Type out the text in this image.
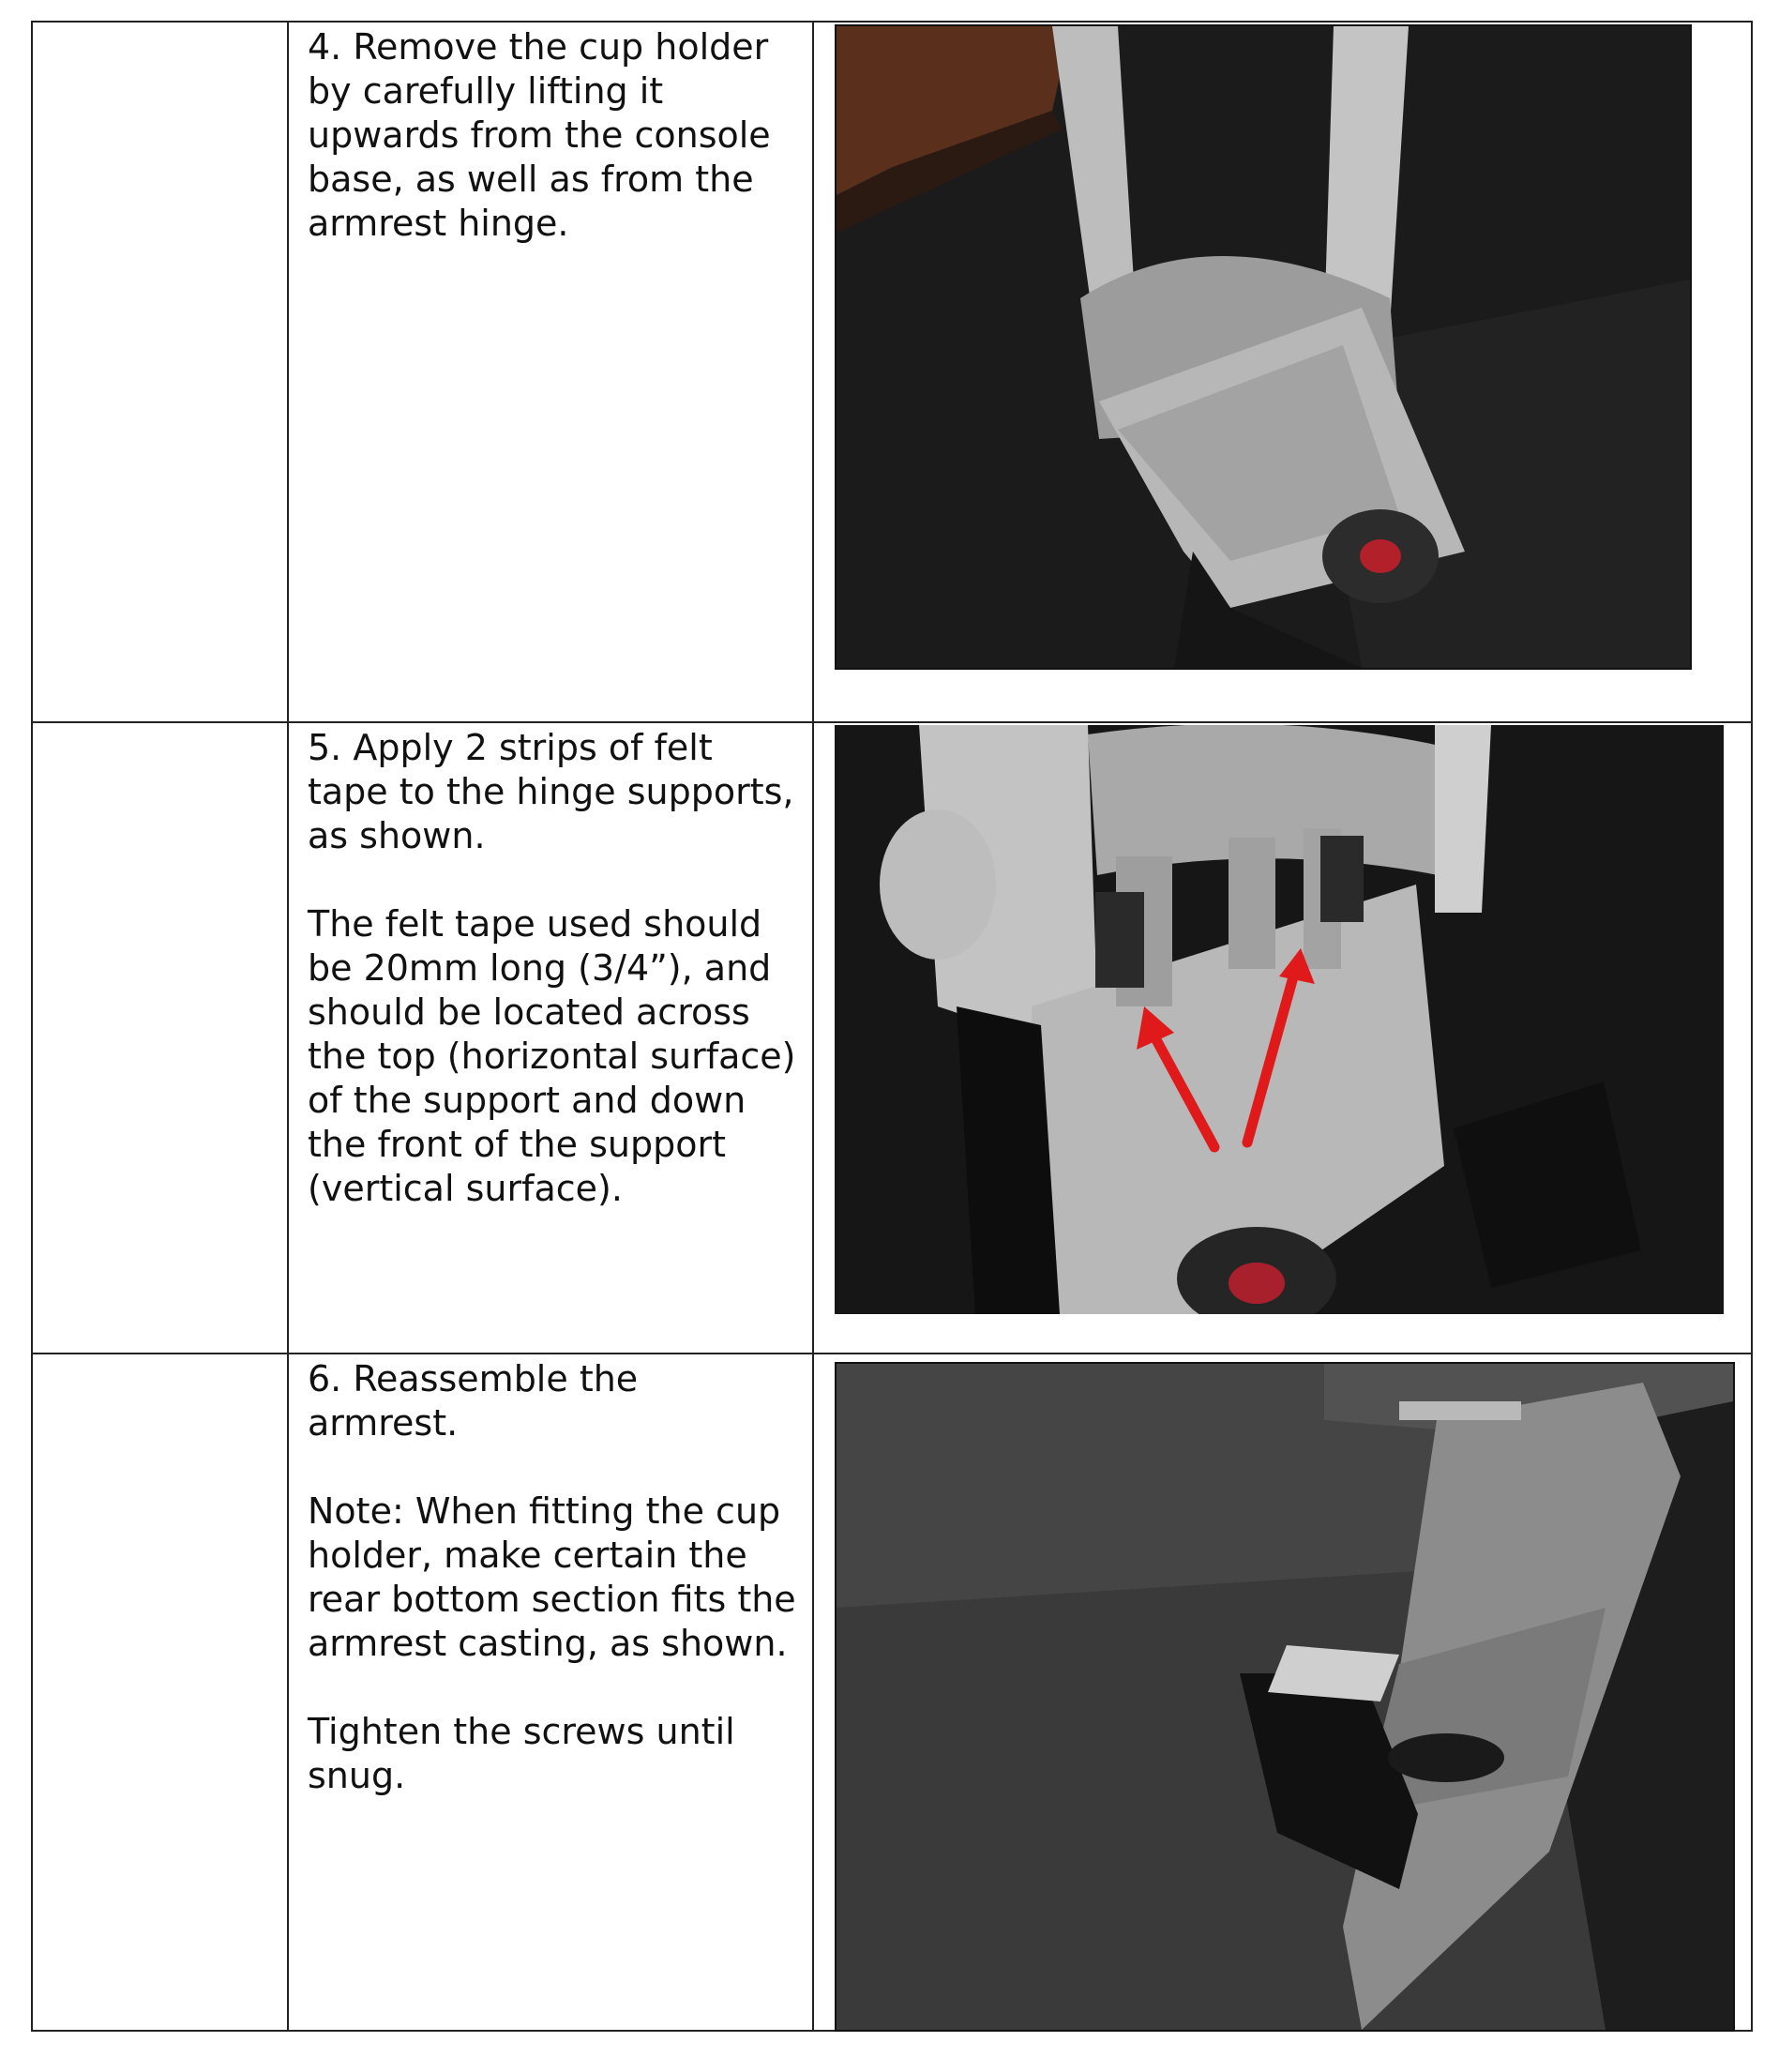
4. Remove the cup holder by carefully lifting it upwards from the console base, as well as from the armrest hinge.

5. Apply 2 strips of felt tape to the hinge supports, as shown.

The felt tape used should be 20mm long (3/4”), and should be located across the top (horizontal surface) of the support and down the front of the support (vertical surface).

6. Reassemble the armrest.

Note: When fitting the cup holder, make certain the rear bottom section fits the armrest casting, as shown.

Tighten the screws until snug.
